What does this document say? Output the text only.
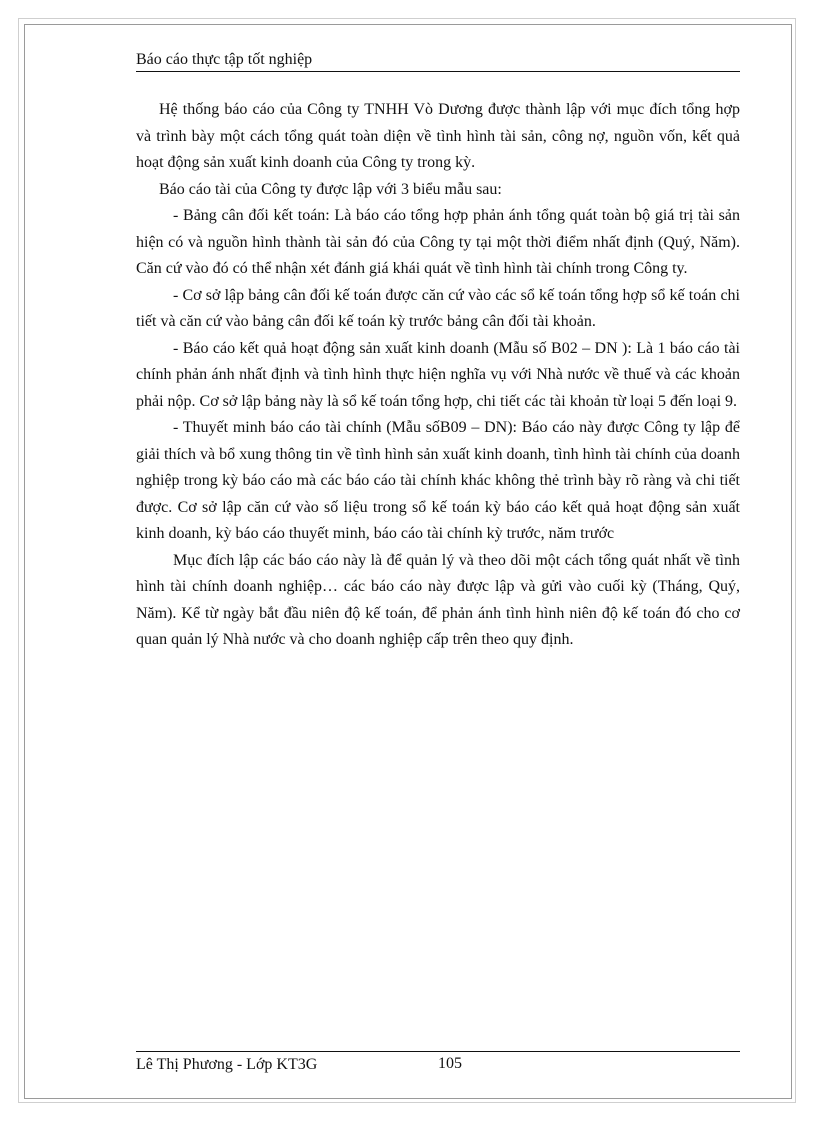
Báo cáo thực tập tốt nghiệp

Hệ thống báo cáo của Công ty TNHH Vò Dương được thành lập với mục đích tổng hợp và trình bày một cách tổng quát toàn diện về tình hình tài sản, công nợ, nguồn vốn, kết quả hoạt động sản xuất kinh doanh của Công ty trong kỳ.

Báo cáo tài của Công ty được lập với 3 biểu mẫu sau:

- Bảng cân đối kết toán: Là báo cáo tổng hợp phản ánh tổng quát toàn bộ giá trị tài sản hiện có và nguồn hình thành tài sản đó của Công ty tại một thời điểm nhất định (Quý, Năm). Căn cứ vào đó có thể nhận xét đánh giá khái quát về tình hình tài chính trong Công ty.

- Cơ sở lập bảng cân đối kế toán được căn cứ vào các sổ kế toán tổng hợp sổ kế toán chi tiết và căn cứ vào bảng cân đối kế toán kỳ trước bảng cân đối tài khoản.

- Báo cáo kết quả hoạt động sản xuất kinh doanh (Mẫu số B02 – DN ): Là 1 báo cáo tài chính phản ánh nhất định và tình hình thực hiện nghĩa vụ với Nhà nước về thuế và các khoản phải nộp. Cơ sở lập bảng này là sổ kế toán tổng hợp, chi tiết các tài khoản từ loại 5 đến loại 9.

- Thuyết minh báo cáo tài chính (Mẫu sốB09 – DN): Báo cáo này được Công ty lập để giải thích và bổ xung thông tin về tình hình sản xuất kinh doanh, tình hình tài chính của doanh nghiệp trong kỳ báo cáo mà các báo cáo tài chính khác không thẻ trình bày rõ ràng và chi tiết được. Cơ sở lập căn cứ vào số liệu trong sổ kế toán kỳ báo cáo kết quả hoạt động sản xuất kinh doanh, kỳ báo cáo thuyết minh, báo cáo tài chính kỳ trước, năm trước

Mục đích lập các báo cáo này là để quản lý và theo dõi một cách tổng quát nhất về tình hình tài chính doanh nghiệp… các báo cáo này được lập và gửi vào cuối kỳ (Tháng, Quý, Năm). Kể từ ngày bắt đầu niên độ kế toán, để phản ánh tình hình niên độ kế toán đó cho cơ quan quản lý Nhà nước và cho doanh nghiệp cấp trên theo quy định.

Lê Thị Phương - Lớp KT3G	105
